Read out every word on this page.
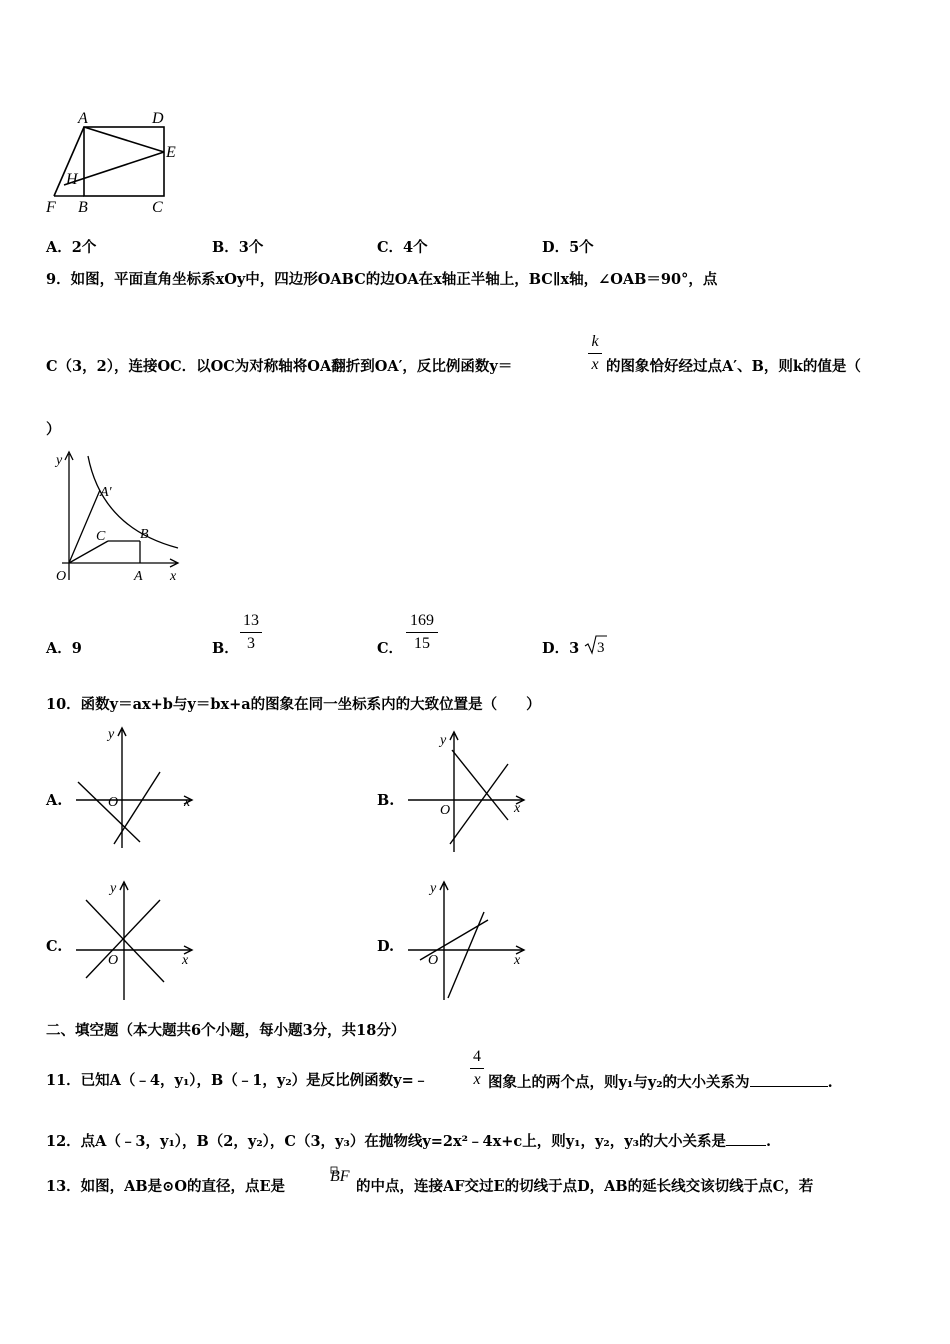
A	D
E
H
F B	C
A．2个	B．3个	C．4个	D．5个
9．如图，平面直角坐标系xOy中，四边形OABC的边OA在x轴正半轴上，BC∥x轴，∠OAB＝90°，点
C（3，2），连接OC．以OC为对称轴将OA翻折到OA′，反比例函数y＝
k
x 的图象恰好经过点A′、B，则k的值是（
）
y
A′
C B
O	A x
A．9	B．
13
3	C．
169
15	D．3 3
10．函数y＝ax+b与y＝bx+a的图象在同一坐标系内的大致位置是（　　）
A.	B.
C.	D.
y
O	x
y
O	x
y
O	x
y
O	x
二、填空题（本大题共6个小题，每小题3分，共18分）
11．已知A（﹣4，y₁），B（﹣1，y₂）是反比例函数y=﹣
4
x 图象上的两个点，则y₁与y₂的大小关系为	.
12．点A（﹣3，y₁），B（2，y₂），C（3，y₃）在抛物线y=2x²﹣4x+c上，则y₁，y₂，y₃的大小关系是	.
13．如图，AB是⊙O的直径，点E是
BF
的中点，连接AF交过E的切线于点D，AB的延长线交该切线于点C，若
